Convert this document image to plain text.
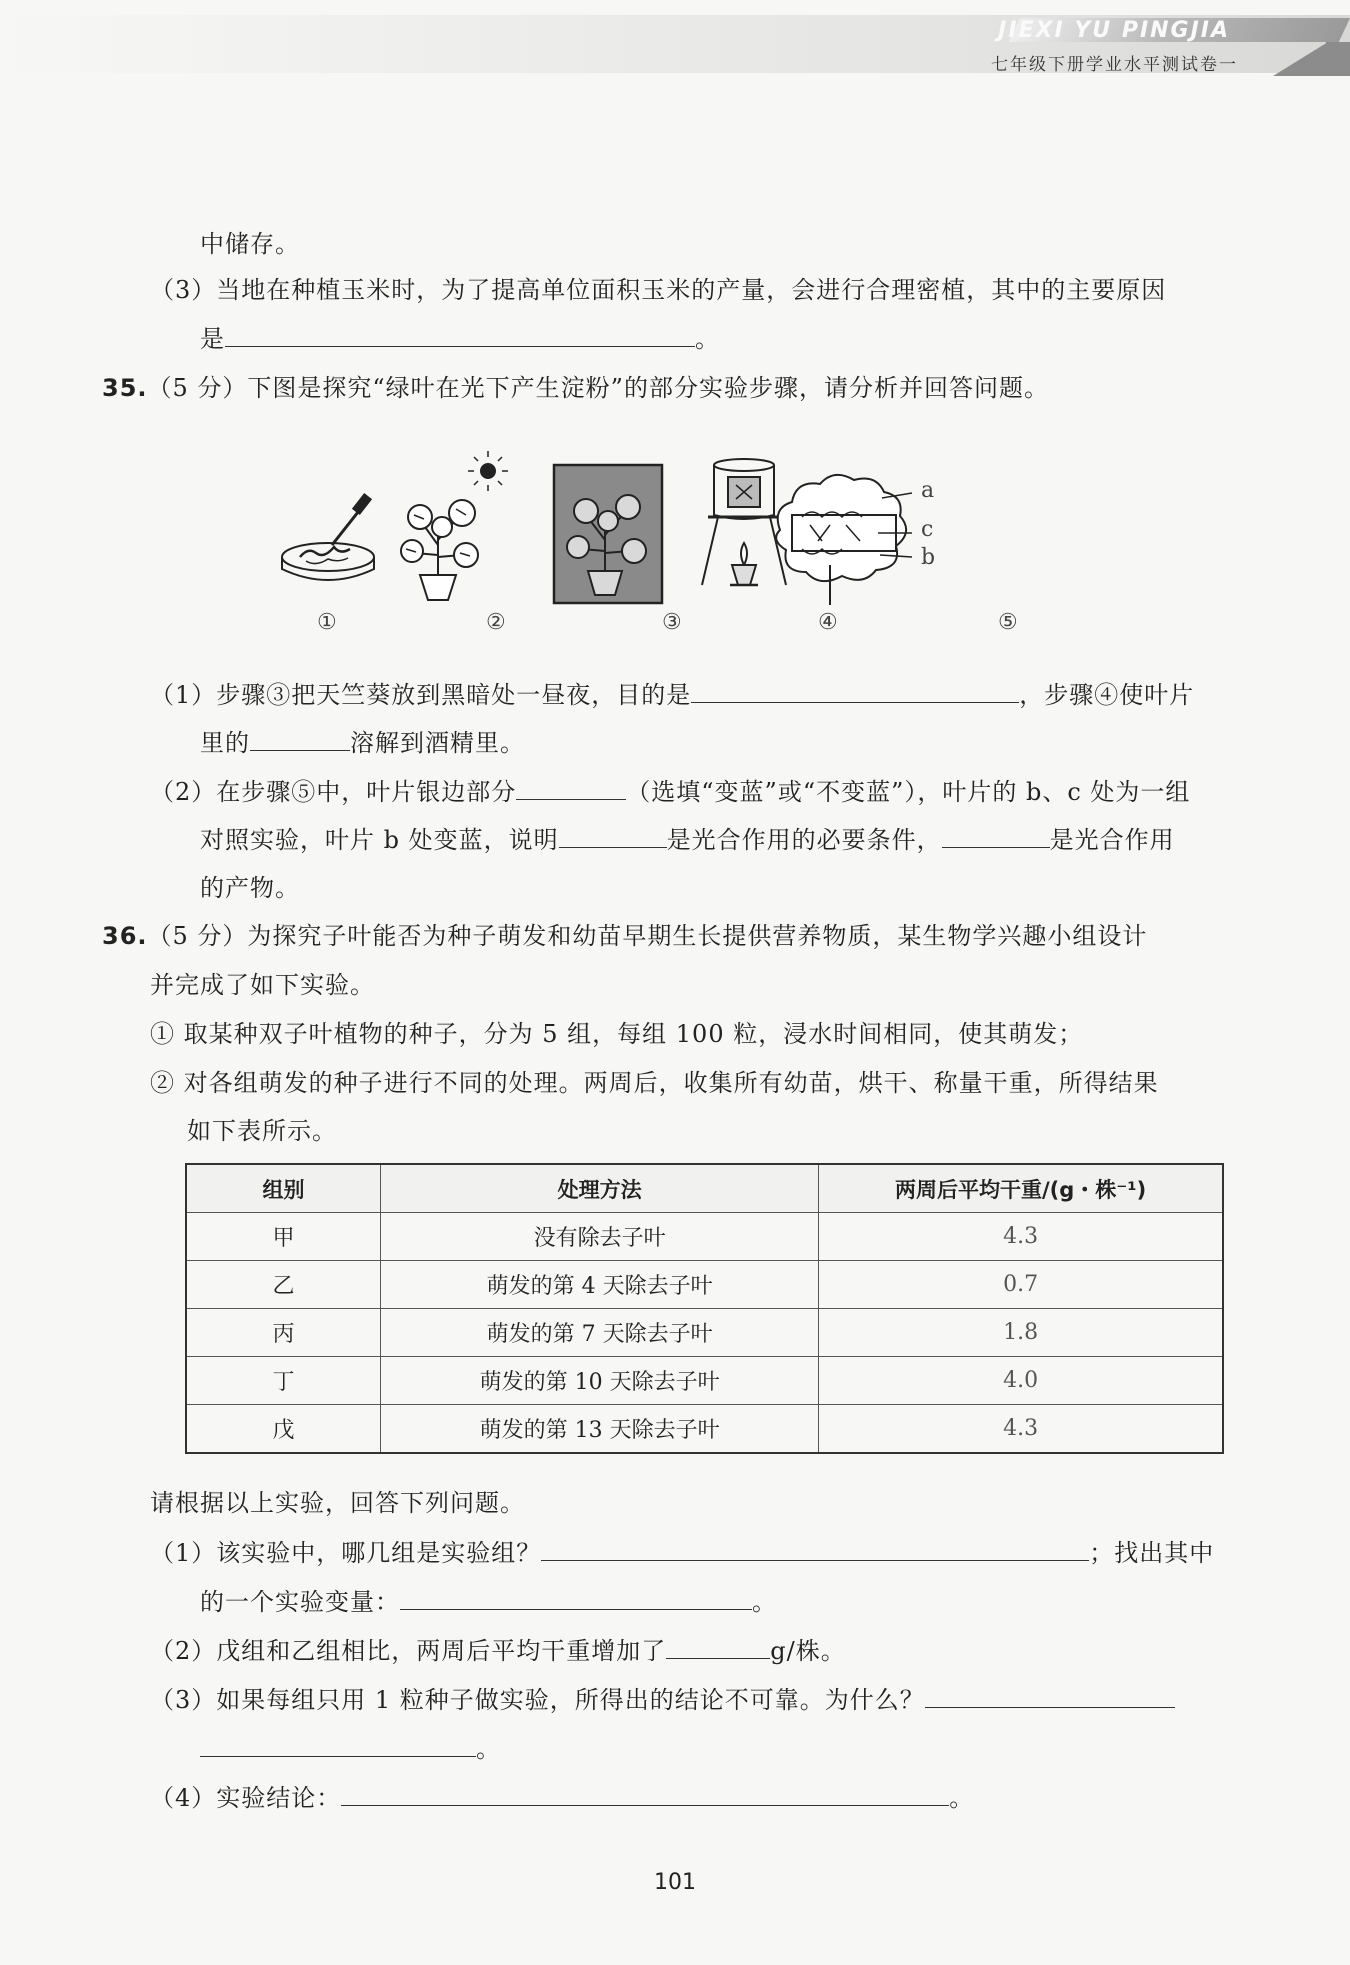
JIEXI YU PINGJIA
七年级下册学业水平测试卷一
中储存。
（3）当地在种植玉米时，为了提高单位面积玉米的产量，会进行合理密植，其中的主要原因
是	。
35.（5 分）下图是探究“绿叶在光下产生淀粉”的部分实验步骤，请分析并回答问题。
a
c
b
①	②	③	④	⑤
（1）步骤③把天竺葵放到黑暗处一昼夜，目的是	，步骤④使叶片
里的	溶解到酒精里。
（2）在步骤⑤中，叶片银边部分	（选填“变蓝”或“不变蓝”），叶片的 b、c 处为一组
对照实验，叶片 b 处变蓝，说明	是光合作用的必要条件，	是光合作用
的产物。
36.（5 分）为探究子叶能否为种子萌发和幼苗早期生长提供营养物质，某生物学兴趣小组设计
并完成了如下实验。
① 取某种双子叶植物的种子，分为 5 组，每组 100 粒，浸水时间相同，使其萌发；
② 对各组萌发的种子进行不同的处理。两周后，收集所有幼苗，烘干、称量干重，所得结果
如下表所示。
组别	处理方法	两周后平均干重/(g・株⁻¹)
甲	没有除去子叶	4.3
乙	萌发的第 4 天除去子叶	0.7
丙	萌发的第 7 天除去子叶	1.8
丁	萌发的第 10 天除去子叶	4.0
戊	萌发的第 13 天除去子叶	4.3
请根据以上实验，回答下列问题。
（1）该实验中，哪几组是实验组？	；找出其中
的一个实验变量：	。
（2）戊组和乙组相比，两周后平均干重增加了	g/株。
（3）如果每组只用 1 粒种子做实验，所得出的结论不可靠。为什么？
。
（4）实验结论：	。
101
